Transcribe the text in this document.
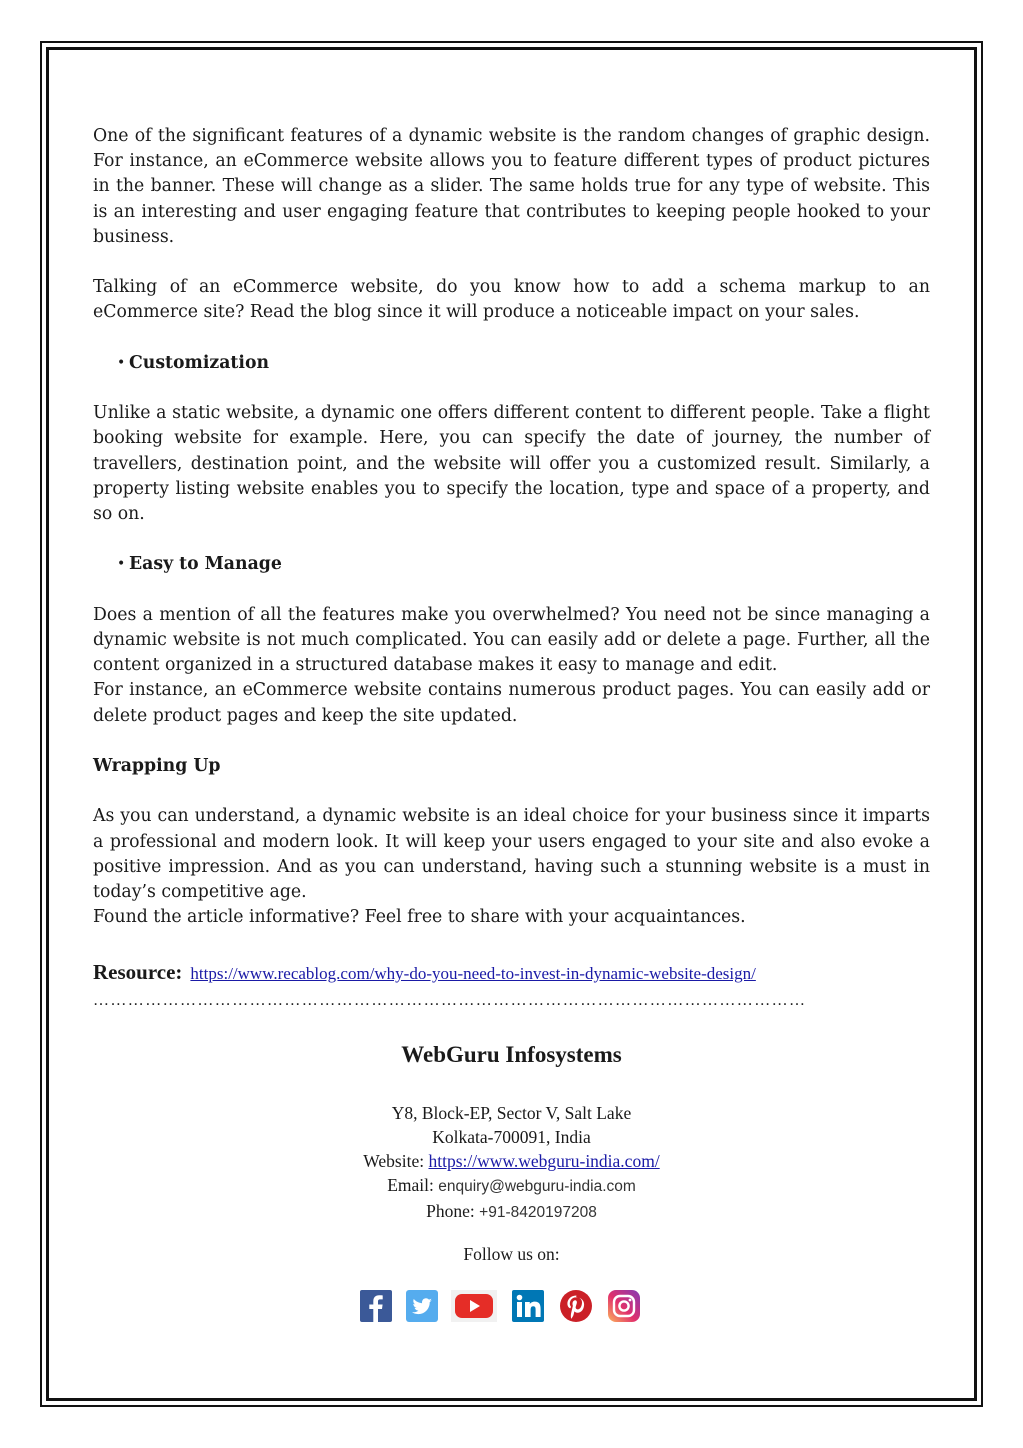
One of the significant features of a dynamic website is the random changes of graphic design. For instance, an eCommerce website allows you to feature different types of product pictures in the banner. These will change as a slider. The same holds true for any type of website. This is an interesting and user engaging feature that contributes to keeping people hooked to your business.

Talking of an eCommerce website, do you know how to add a schema markup to an eCommerce site? Read the blog since it will produce a noticeable impact on your sales.

•
Customization

Unlike a static website, a dynamic one offers different content to different people. Take a flight booking website for example. Here, you can specify the date of journey, the number of travellers, destination point, and the website will offer you a customized result. Similarly, a property listing website enables you to specify the location, type and space of a property, and so on.

•
Easy to Manage

Does a mention of all the features make you overwhelmed? You need not be since managing a dynamic website is not much complicated. You can easily add or delete a page. Further, all the content organized in a structured database makes it easy to manage and edit.

For instance, an eCommerce website contains numerous product pages. You can easily add or delete product pages and keep the site updated.

Wrapping Up

As you can understand, a dynamic website is an ideal choice for your business since it imparts a professional and modern look. It will keep your users engaged to your site and also evoke a positive impression. And as you can understand, having such a stunning website is a must in today’s competitive age.

Found the article informative? Feel free to share with your acquaintances.

Resource: https://www.recablog.com/why-do-you-need-to-invest-in-dynamic-website-design/
……………………………………………………………………………………………………………
WebGuru Infosystems
Y8, Block-EP, Sector V, Salt Lake
Kolkata-700091, India
Website: https://www.webguru-india.com/
Email: enquiry@webguru-india.com
Phone: +91-8420197208
Follow us on:
